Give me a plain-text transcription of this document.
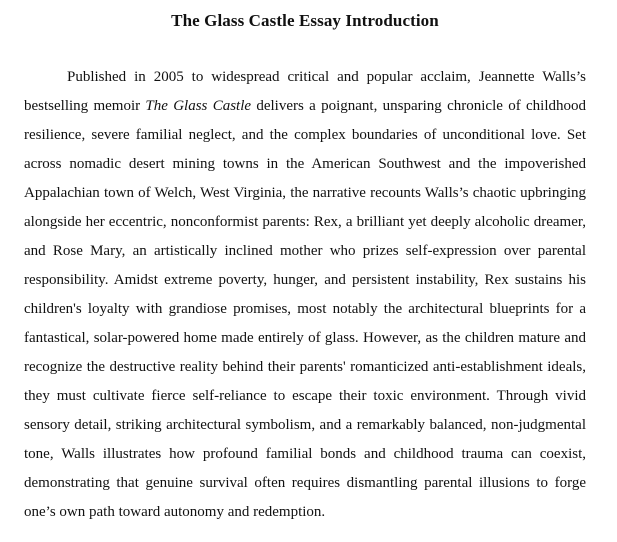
The Glass Castle Essay Introduction

Published in 2005 to widespread critical and popular acclaim, Jeannette Walls’s bestselling memoir The Glass Castle delivers a poignant, unsparing chronicle of childhood resilience, severe familial neglect, and the complex boundaries of unconditional love. Set across nomadic desert mining towns in the American Southwest and the impoverished Appalachian town of Welch, West Virginia, the narrative recounts Walls’s chaotic upbringing alongside her eccentric, nonconformist parents: Rex, a brilliant yet deeply alcoholic dreamer, and Rose Mary, an artistically inclined mother who prizes self-expression over parental responsibility. Amidst extreme poverty, hunger, and persistent instability, Rex sustains his children's loyalty with grandiose promises, most notably the architectural blueprints for a fantastical, solar-powered home made entirely of glass. However, as the children mature and recognize the destructive reality behind their parents' romanticized anti-establishment ideals, they must cultivate fierce self-reliance to escape their toxic environment. Through vivid sensory detail, striking architectural symbolism, and a remarkably balanced, non-judgmental tone, Walls illustrates how profound familial bonds and childhood trauma can coexist, demonstrating that genuine survival often requires dismantling parental illusions to forge one’s own path toward autonomy and redemption.
